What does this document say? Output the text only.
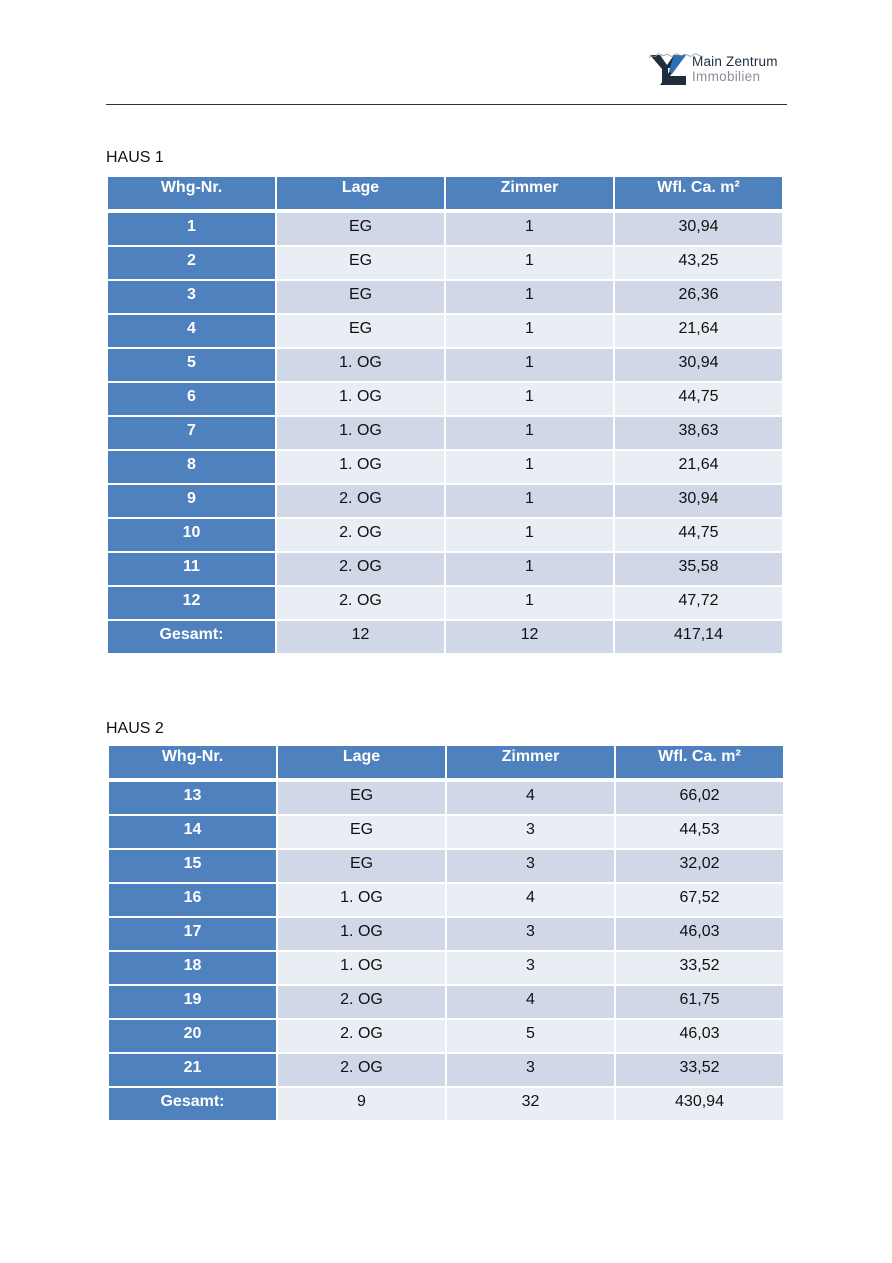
Main Zentrum
Immobilien
HAUS 1
Whg-Nr.	Lage	Zimmer	Wfl. Ca. m²

1	EG	1	30,94
2	EG	1	43,25
3	EG	1	26,36
4	EG	1	21,64
5	1. OG	1	30,94
6	1. OG	1	44,75
7	1. OG	1	38,63
8	1. OG	1	21,64
9	2. OG	1	30,94
10	2. OG	1	44,75
11	2. OG	1	35,58
12	2. OG	1	47,72
Gesamt:	12	12	417,14
HAUS 2
Whg-Nr.	Lage	Zimmer	Wfl. Ca. m²

13	EG	4	66,02
14	EG	3	44,53
15	EG	3	32,02
16	1. OG	4	67,52
17	1. OG	3	46,03
18	1. OG	3	33,52
19	2. OG	4	61,75
20	2. OG	5	46,03
21	2. OG	3	33,52
Gesamt:	9	32	430,94
